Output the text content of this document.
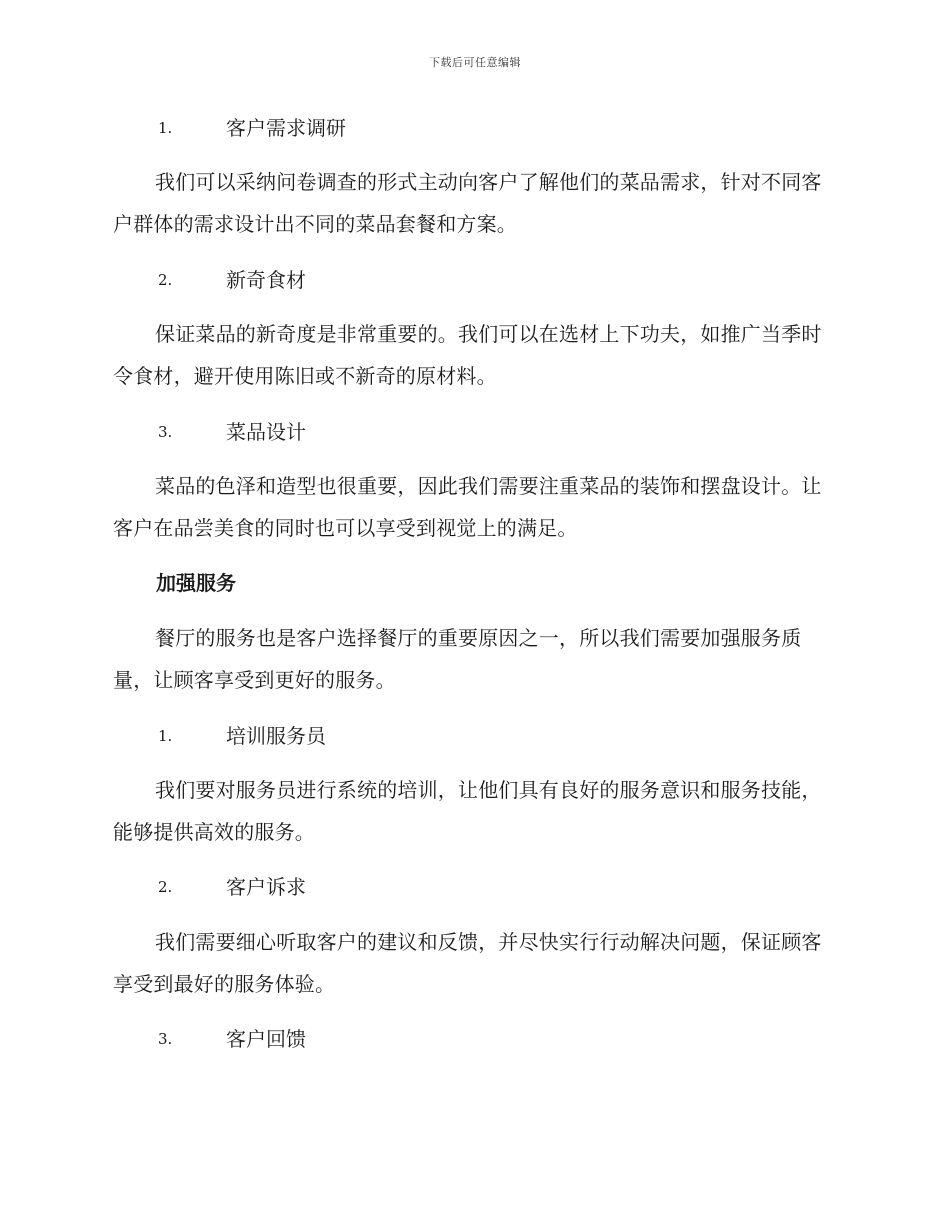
下载后可任意编辑
1.	客户需求调研

我们可以采纳问卷调查的形式主动向客户了解他们的菜品需求，针对不同客户群体的需求设计出不同的菜品套餐和方案。

2.	新奇食材

保证菜品的新奇度是非常重要的。我们可以在选材上下功夫，如推广当季时令食材，避开使用陈旧或不新奇的原材料。

3.	菜品设计

菜品的色泽和造型也很重要，因此我们需要注重菜品的装饰和摆盘设计。让客户在品尝美食的同时也可以享受到视觉上的满足。

加强服务

餐厅的服务也是客户选择餐厅的重要原因之一，所以我们需要加强服务质量，让顾客享受到更好的服务。

1.	培训服务员

我们要对服务员进行系统的培训，让他们具有良好的服务意识和服务技能，能够提供高效的服务。

2.	客户诉求

我们需要细心听取客户的建议和反馈，并尽快实行行动解决问题，保证顾客享受到最好的服务体验。

3.	客户回馈
